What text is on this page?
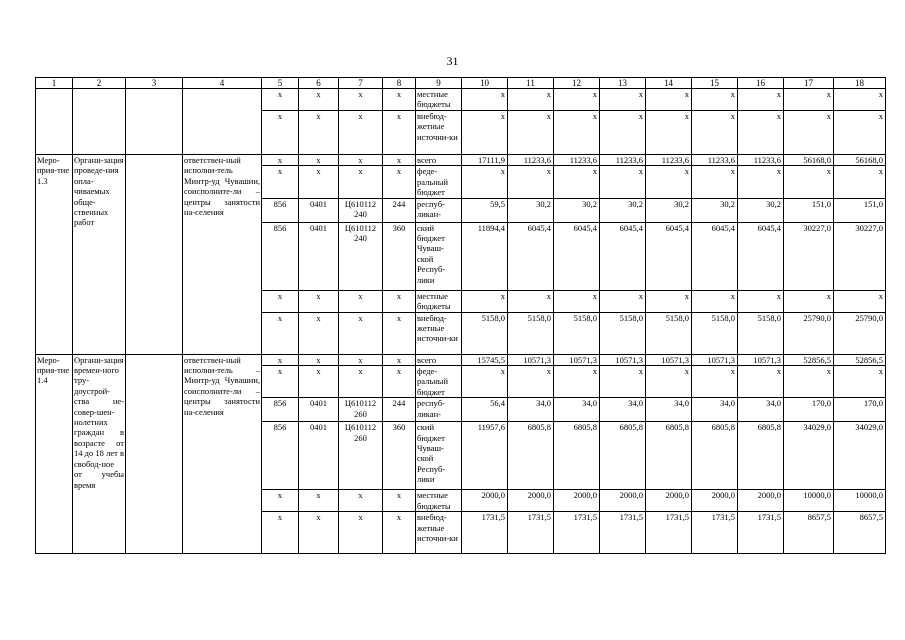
31
1	2	3	4	5	6	7	8	9	10	11	12	13	14	15	16	17	18
				x	x	x	x	местные бюджеты	x	x	x	x	x	x	x	x	x
				x	x	x	x	внебюд-жетные источни-ки	x	x	x	x	x	x	x	x	x
Меро-прия-тие 1.3	Органи-зация проведе-ния опла-чиваемых обще-ственных работ		ответствен-ный исполни-тель Минтр-уд Чувашии, соисполните-ли – центры занятости на-селения	x	x	x	x	всего	17111,9	11233,6	11233,6	11233,6	11233,6	11233,6	11233,6	56168,0	56168,0
				x	x	x	x	феде-ральный бюджет	x	x	x	x	x	x	x	x	x
				856	0401	Ц610112 240	244	респуб-ликан-	59,5	30,2	30,2	30,2	30,2	30,2	30,2	151,0	151,0
				856	0401	Ц610112 240	360	ский бюджет Чуваш-ской Респуб-лики	11894,4	6045,4	6045,4	6045,4	6045,4	6045,4	6045,4	30227,0	30227,0
				x	x	x	x	местные бюджеты	x	x	x	x	x	x	x	x	x
				x	x	x	x	внебюд-жетные источни-ки	5158,0	5158,0	5158,0	5158,0	5158,0	5158,0	5158,0	25790,0	25790,0
Меро-прия-тие 1.4	Органи-зация времен-ного тру-доустрой-ства не-совер-шен-нолетних граждан в возрасте от 14 до 18 лет в свобод-ное от учебы время		ответствен-ный исполни-тель – Минтр-уд Чувашии, соисполните-ли – центры занятости на-селения	x	x	x	x	всего	15745,5	10571,3	10571,3	10571,3	10571,3	10571,3	10571,3	52856,5	52856,5
				x	x	x	x	феде-ральный бюджет	x	x	x	x	x	x	x	x	x
				856	0401	Ц610112 260	244	респуб-ликан-	56,4	34,0	34,0	34,0	34,0	34,0	34,0	170,0	170,0
				856	0401	Ц610112 260	360	ский бюджет Чуваш-ской Респуб-лики	11957,6	6805,8	6805,8	6805,8	6805,8	6805,8	6805,8	34029,0	34029,0
				x	x	x	x	местные бюджеты	2000,0	2000,0	2000,0	2000,0	2000,0	2000,0	2000,0	10000,0	10000,0
				x	x	x	x	внебюд-жетные источни-ки	1731,5	1731,5	1731,5	1731,5	1731,5	1731,5	1731,5	8657,5	8657,5
